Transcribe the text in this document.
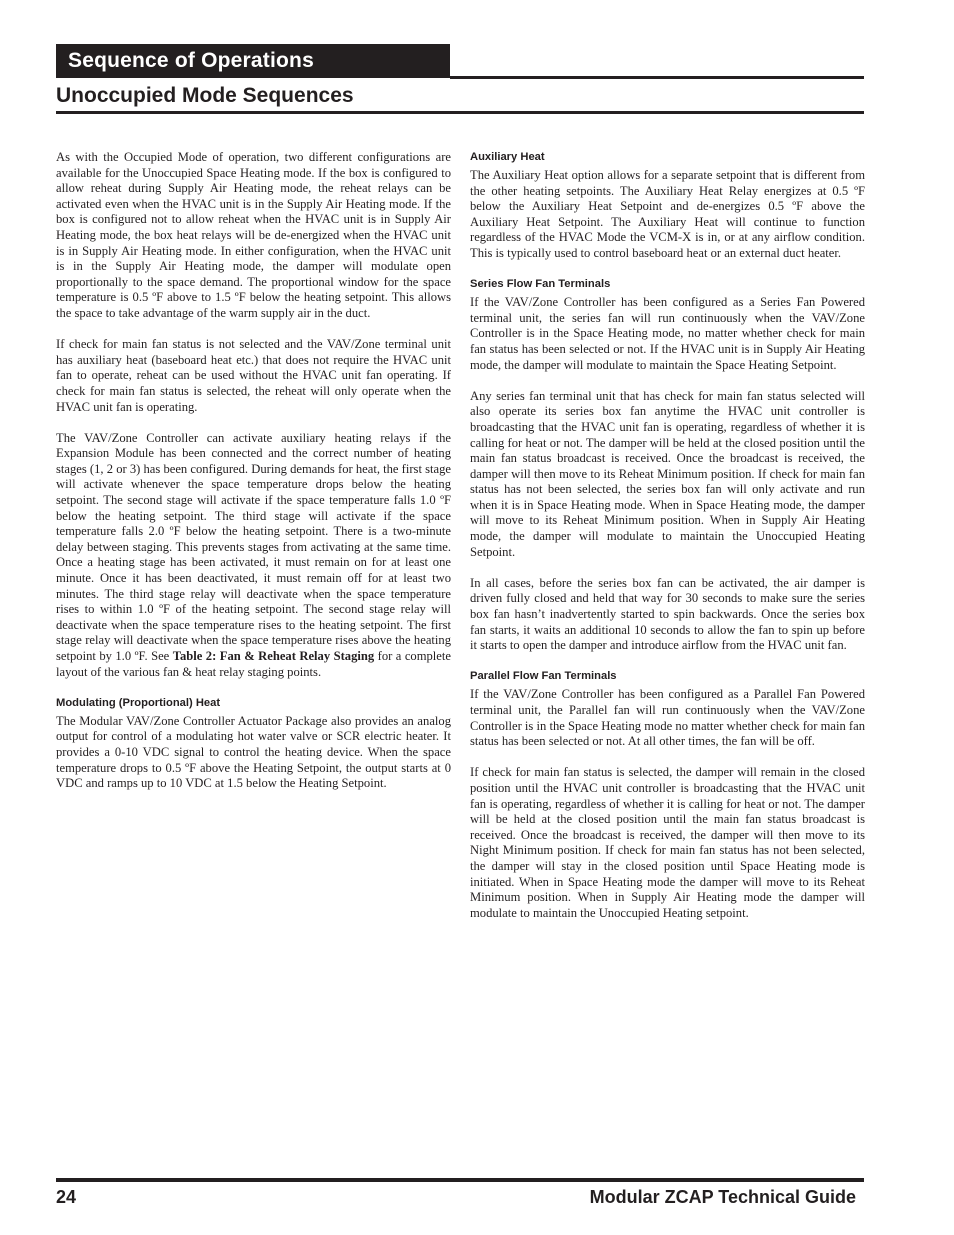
Sequence of Operations
Unoccupied Mode Sequences

As with the Occupied Mode of operation, two different configurations are available for the Unoccupied Space Heating mode. If the box is configured to allow reheat during Supply Air Heating mode, the reheat relays can be activated even when the HVAC unit is in the Supply Air Heating mode. If the box is configured not to allow reheat when the HVAC unit is in Supply Air Heating mode, the box heat relays will be de-energized when the HVAC unit is in Supply Air Heating mode. In either configuration, when the HVAC unit is in the Supply Air Heating mode, the damper will modulate open proportionally to the space demand. The proportional window for the space temperature is 0.5 ºF above to 1.5 ºF below the heating setpoint. This allows the space to take advantage of the warm supply air in the duct.

If check for main fan status is not selected and the VAV/Zone terminal unit has auxiliary heat (baseboard heat etc.) that does not require the HVAC unit fan to operate, reheat can be used without the HVAC unit fan operating. If check for main fan status is selected, the reheat will only operate when the HVAC unit fan is operating.

The VAV/Zone Controller can activate auxiliary heating relays if the Expansion Module has been connected and the correct number of heating stages (1, 2 or 3) has been configured. During demands for heat, the first stage will activate whenever the space temperature drops below the heating setpoint. The second stage will activate if the space temperature falls 1.0 ºF below the heating setpoint. The third stage will activate if the space temperature falls 2.0 ºF below the heating setpoint. There is a two-minute delay between staging. This prevents stages from activating at the same time. Once a heating stage has been activated, it must remain on for at least one minute. Once it has been deactivated, it must remain off for at least two minutes. The third stage relay will deactivate when the space temperature rises to within 1.0 ºF of the heating setpoint. The second stage relay will deactivate when the space temperature rises to the heating setpoint. The first stage relay will deactivate when the space temperature rises above the heating setpoint by 1.0 ºF. See Table 2: Fan & Reheat Relay Staging for a complete layout of the various fan & heat relay staging points.

Modulating (Proportional) Heat

The Modular VAV/Zone Controller Actuator Package also provides an analog output for control of a modulating hot water valve or SCR electric heater. It provides a 0-10 VDC signal to control the heating device. When the space temperature drops to 0.5 ºF above the Heating Setpoint, the output starts at 0 VDC and ramps up to 10 VDC at 1.5 below the Heating Setpoint.

Auxiliary Heat

The Auxiliary Heat option allows for a separate setpoint that is different from the other heating setpoints. The Auxiliary Heat Relay energizes at 0.5 ºF below the Auxiliary Heat Setpoint and de-energizes 0.5 ºF above the Auxiliary Heat Setpoint. The Auxiliary Heat will continue to function regardless of the HVAC Mode the VCM-X is in, or at any airflow condition. This is typically used to control baseboard heat or an external duct heater.

Series Flow Fan Terminals

If the VAV/Zone Controller has been configured as a Series Fan Powered terminal unit, the series fan will run continuously when the VAV/Zone Controller is in the Space Heating mode, no matter whether check for main fan status has been selected or not. If the HVAC unit is in Supply Air Heating mode, the damper will modulate to maintain the Space Heating Setpoint.

Any series fan terminal unit that has check for main fan status selected will also operate its series box fan anytime the HVAC unit controller is broadcasting that the HVAC unit fan is operating, regardless of whether it is calling for heat or not. The damper will be held at the closed position until the main fan status broadcast is received. Once the broadcast is received, the damper will then move to its Reheat Minimum position. If check for main fan status has not been selected, the series box fan will only activate and run when it is in Space Heating mode. When in Space Heating mode, the damper will move to its Reheat Minimum position. When in Supply Air Heating mode, the damper will modulate to maintain the Unoccupied Heating Setpoint.

In all cases, before the series box fan can be activated, the air damper is driven fully closed and held that way for 30 seconds to make sure the series box fan hasn’t inadvertently started to spin backwards. Once the series box fan starts, it waits an additional 10 seconds to allow the fan to spin up before it starts to open the damper and introduce airflow from the HVAC unit fan.

Parallel Flow Fan Terminals

If the VAV/Zone Controller has been configured as a Parallel Fan Powered terminal unit, the Parallel fan will run continuously when the VAV/Zone Controller is in the Space Heating mode no matter whether check for main fan status has been selected or not. At all other times, the fan will be off.

If check for main fan status is selected, the damper will remain in the closed position until the HVAC unit controller is broadcasting that the HVAC unit fan is operating, regardless of whether it is calling for heat or not. The damper will be held at the closed position until the main fan status broadcast is received. Once the broadcast is received, the damper will then move to its Night Minimum position. If check for main fan status has not been selected, the damper will stay in the closed position until Space Heating mode is initiated. When in Space Heating mode the damper will move to its Reheat Minimum position. When in Supply Air Heating mode the damper will modulate to maintain the Unoccupied Heating setpoint.

24	Modular ZCAP Technical Guide
